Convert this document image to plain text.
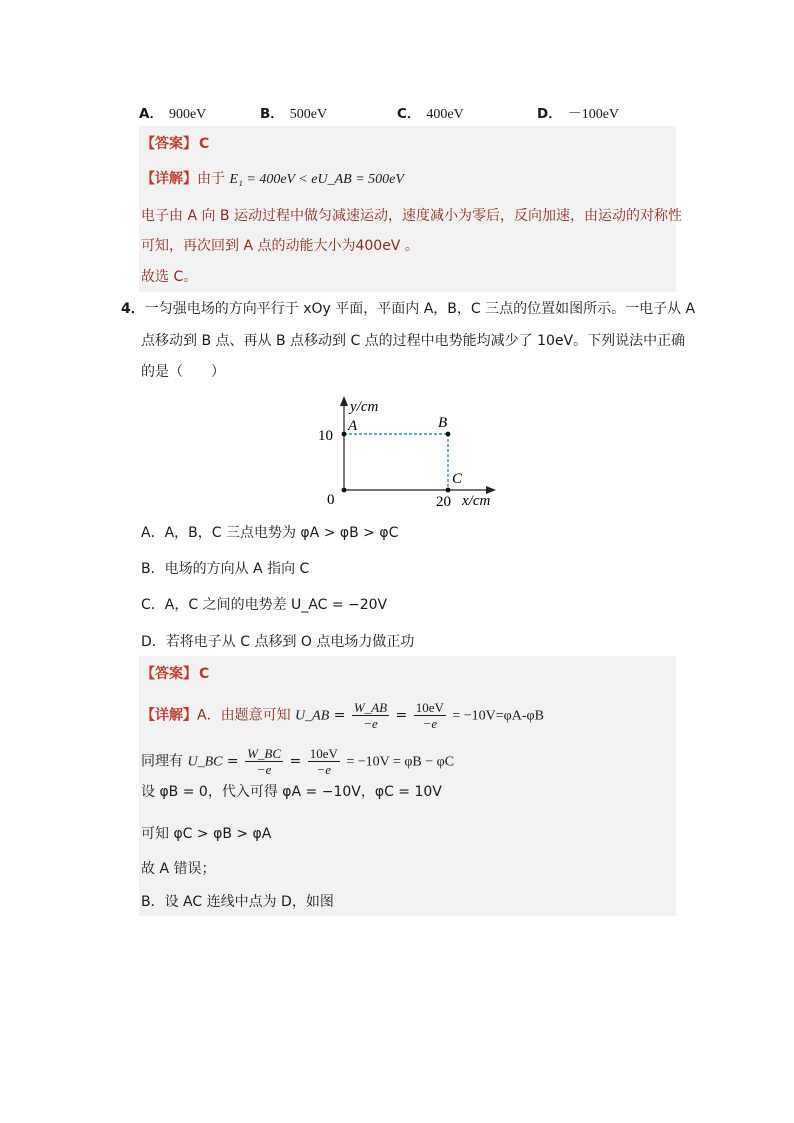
A． 900eV	B． 500eV	C． 400eV	D． －100eV
【答案】 C
【详解】由于 E₁ = 400eV < eU_AB = 500eV
电子由 A 向 B 运动过程中做匀减速运动，速度减小为零后，反向加速，由运动的对称性
可知，再次回到 A 点的动能大小为400eV 。
故选 C。
4．一匀强电场的方向平行于 xOy 平面，平面内 A，B，C 三点的位置如图所示。一电子从 A
点移动到 B 点、再从 B 点移动到 C 点的过程中电势能均减少了 10eV。下列说法中正确
的是（　　）
y/cm
x/cm
10
0	20
A	B
C
A．A，B，C 三点电势为 φA > φB > φC
B．电场的方向从 A 指向 C
C．A，C 之间的电势差 U_AC = −20V
D．若将电子从 C 点移到 O 点电场力做正功
【答案】 C
【详解】A．由题意可知 U_AB = $\frac{W\_AB}{-e} = \frac{10eV}{-e} = -10V=\varphi A-\varphi B$
同理有 U_BC = $\frac{W\_BC}{-e} = \frac{10eV}{-e} = -10V = \varphi B - \varphi C$
设 φB = 0，代入可得 φA = −10V，φC = 10V
可知 φC > φB > φA
故 A 错误；
B．设 AC 连线中点为 D，如图
